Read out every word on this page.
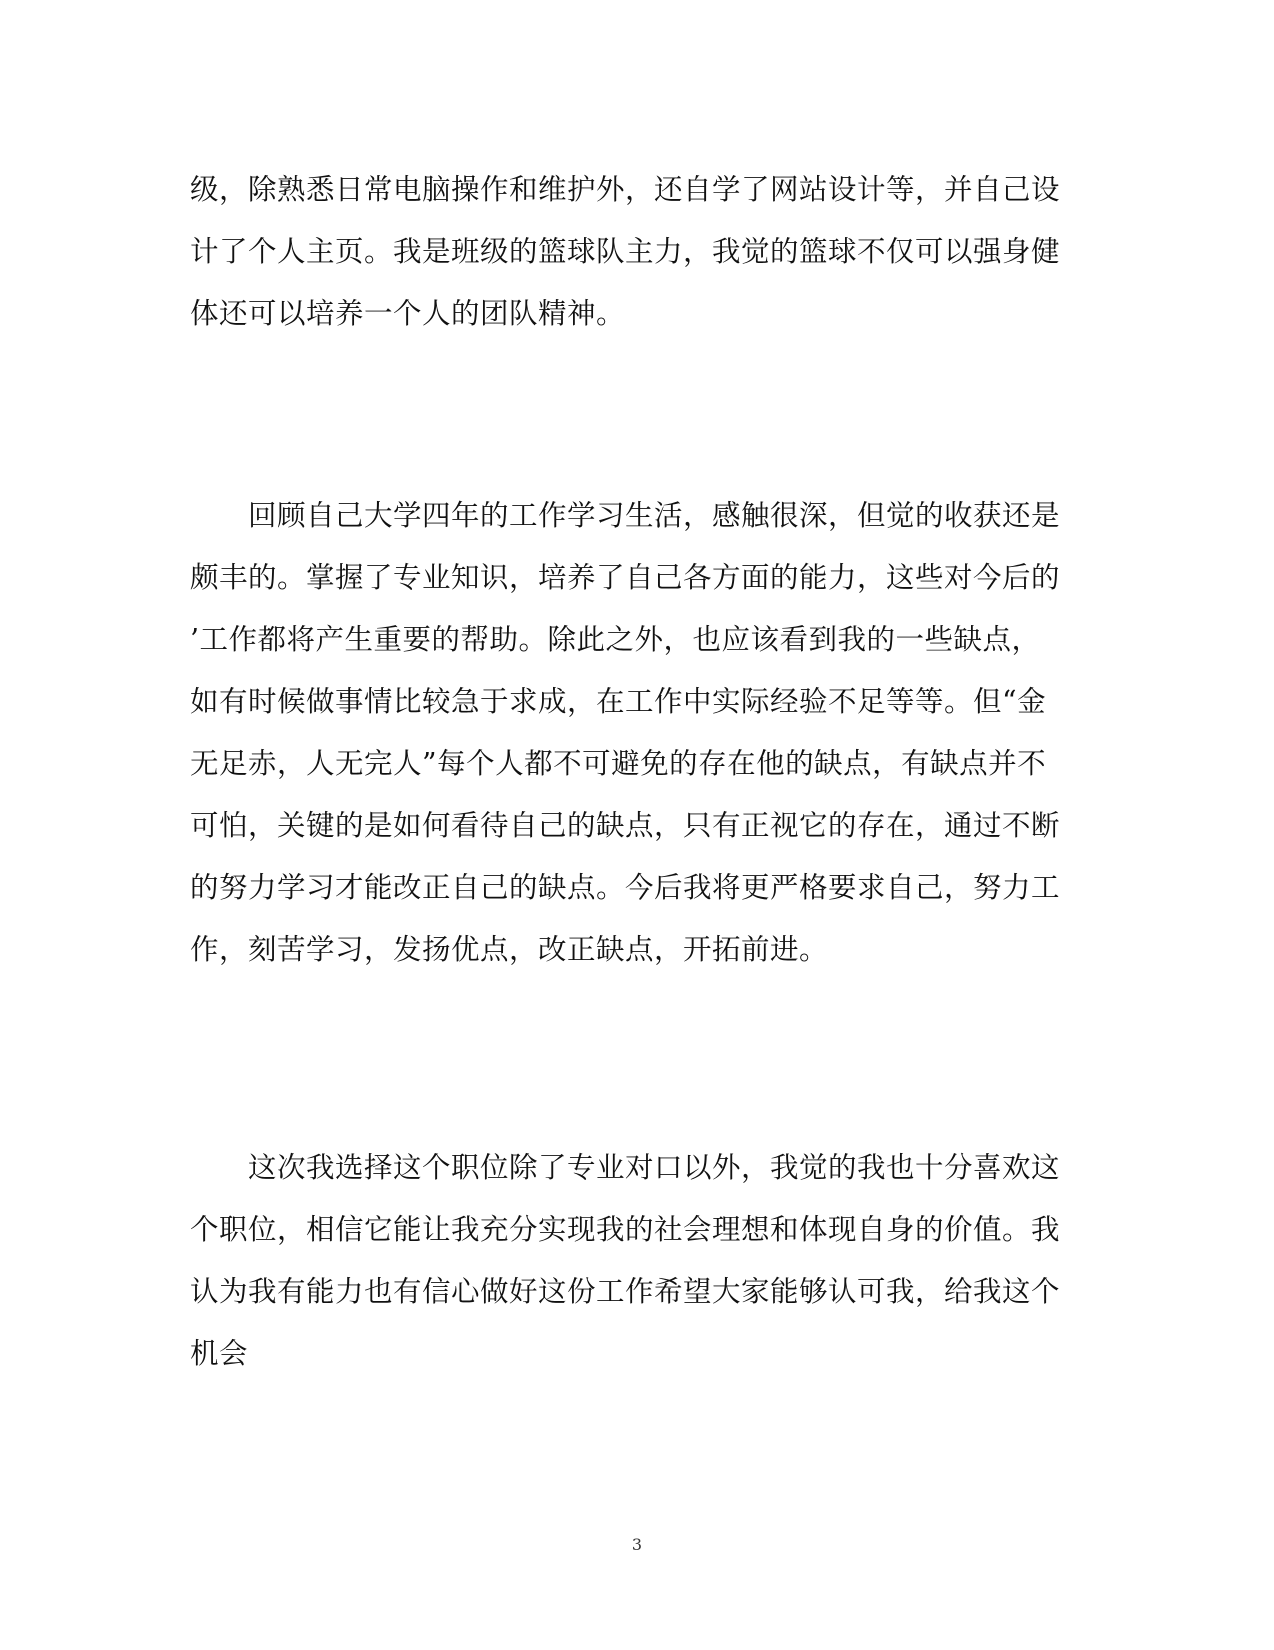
级，除熟悉日常电脑操作和维护外，还自学了网站设计等，并自己设
计了个人主页。我是班级的篮球队主力，我觉的篮球不仅可以强身健
体还可以培养一个人的团队精神。

　　回顾自己大学四年的工作学习生活，感触很深，但觉的收获还是
颇丰的。掌握了专业知识，培养了自己各方面的能力，这些对今后的
’工作都将产生重要的帮助。除此之外，也应该看到我的一些缺点，
如有时候做事情比较急于求成，在工作中实际经验不足等等。但“金
无足赤，人无完人”每个人都不可避免的存在他的缺点，有缺点并不
可怕，关键的是如何看待自己的缺点，只有正视它的存在，通过不断
的努力学习才能改正自己的缺点。今后我将更严格要求自己，努力工
作，刻苦学习，发扬优点，改正缺点，开拓前进。

　　这次我选择这个职位除了专业对口以外，我觉的我也十分喜欢这
个职位，相信它能让我充分实现我的社会理想和体现自身的价值。我
认为我有能力也有信心做好这份工作希望大家能够认可我，给我这个
机会

3
